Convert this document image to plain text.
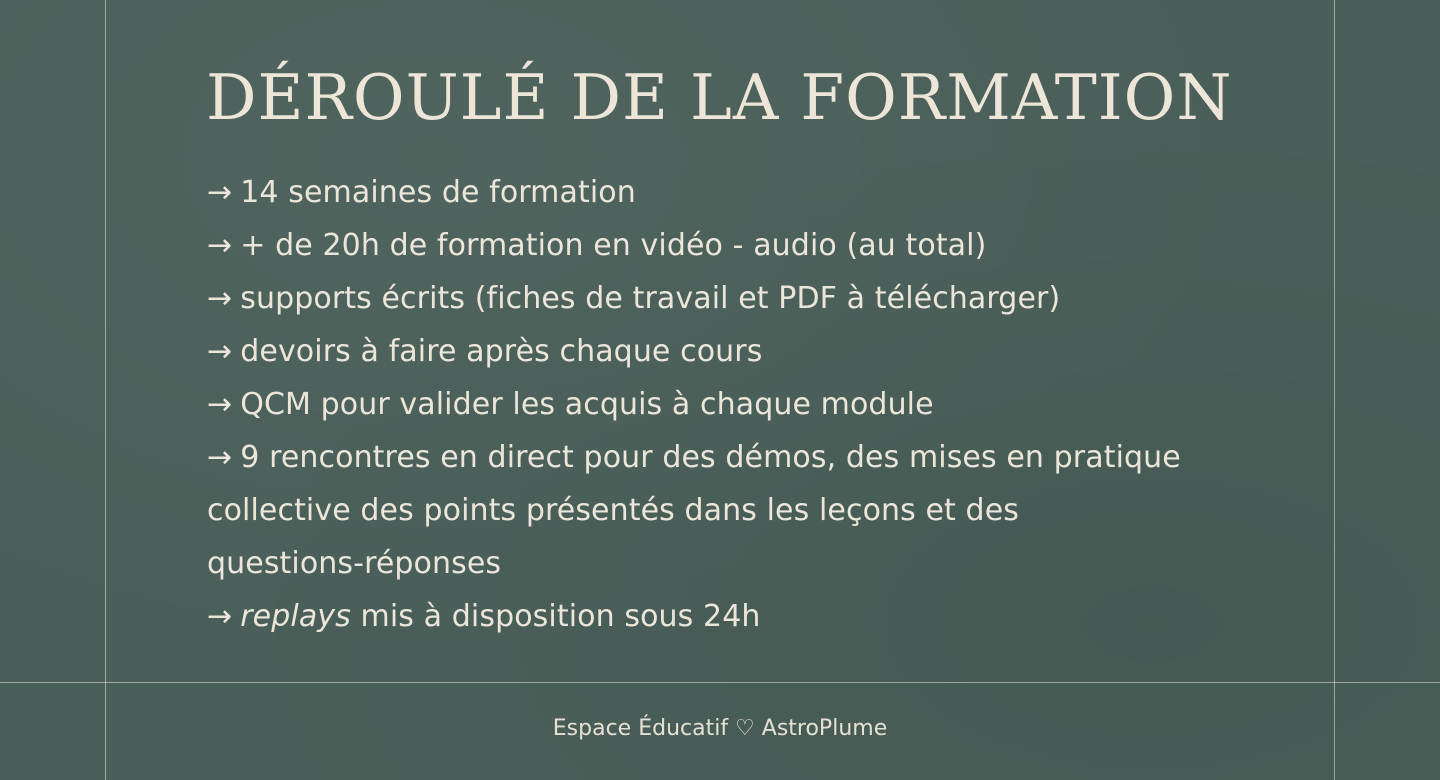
DÉROULÉ DE LA FORMATION
→ 14 semaines de formation
→ + de 20h de formation en vidéo - audio (au total)
→ supports écrits (fiches de travail et PDF à télécharger)
→ devoirs à faire après chaque cours
→ QCM pour valider les acquis à chaque module
→ 9 rencontres en direct pour des démos, des mises en pratique collective des points présentés dans les leçons et des questions-réponses
→ replays mis à disposition sous 24h
Espace Éducatif ♡ AstroPlume
